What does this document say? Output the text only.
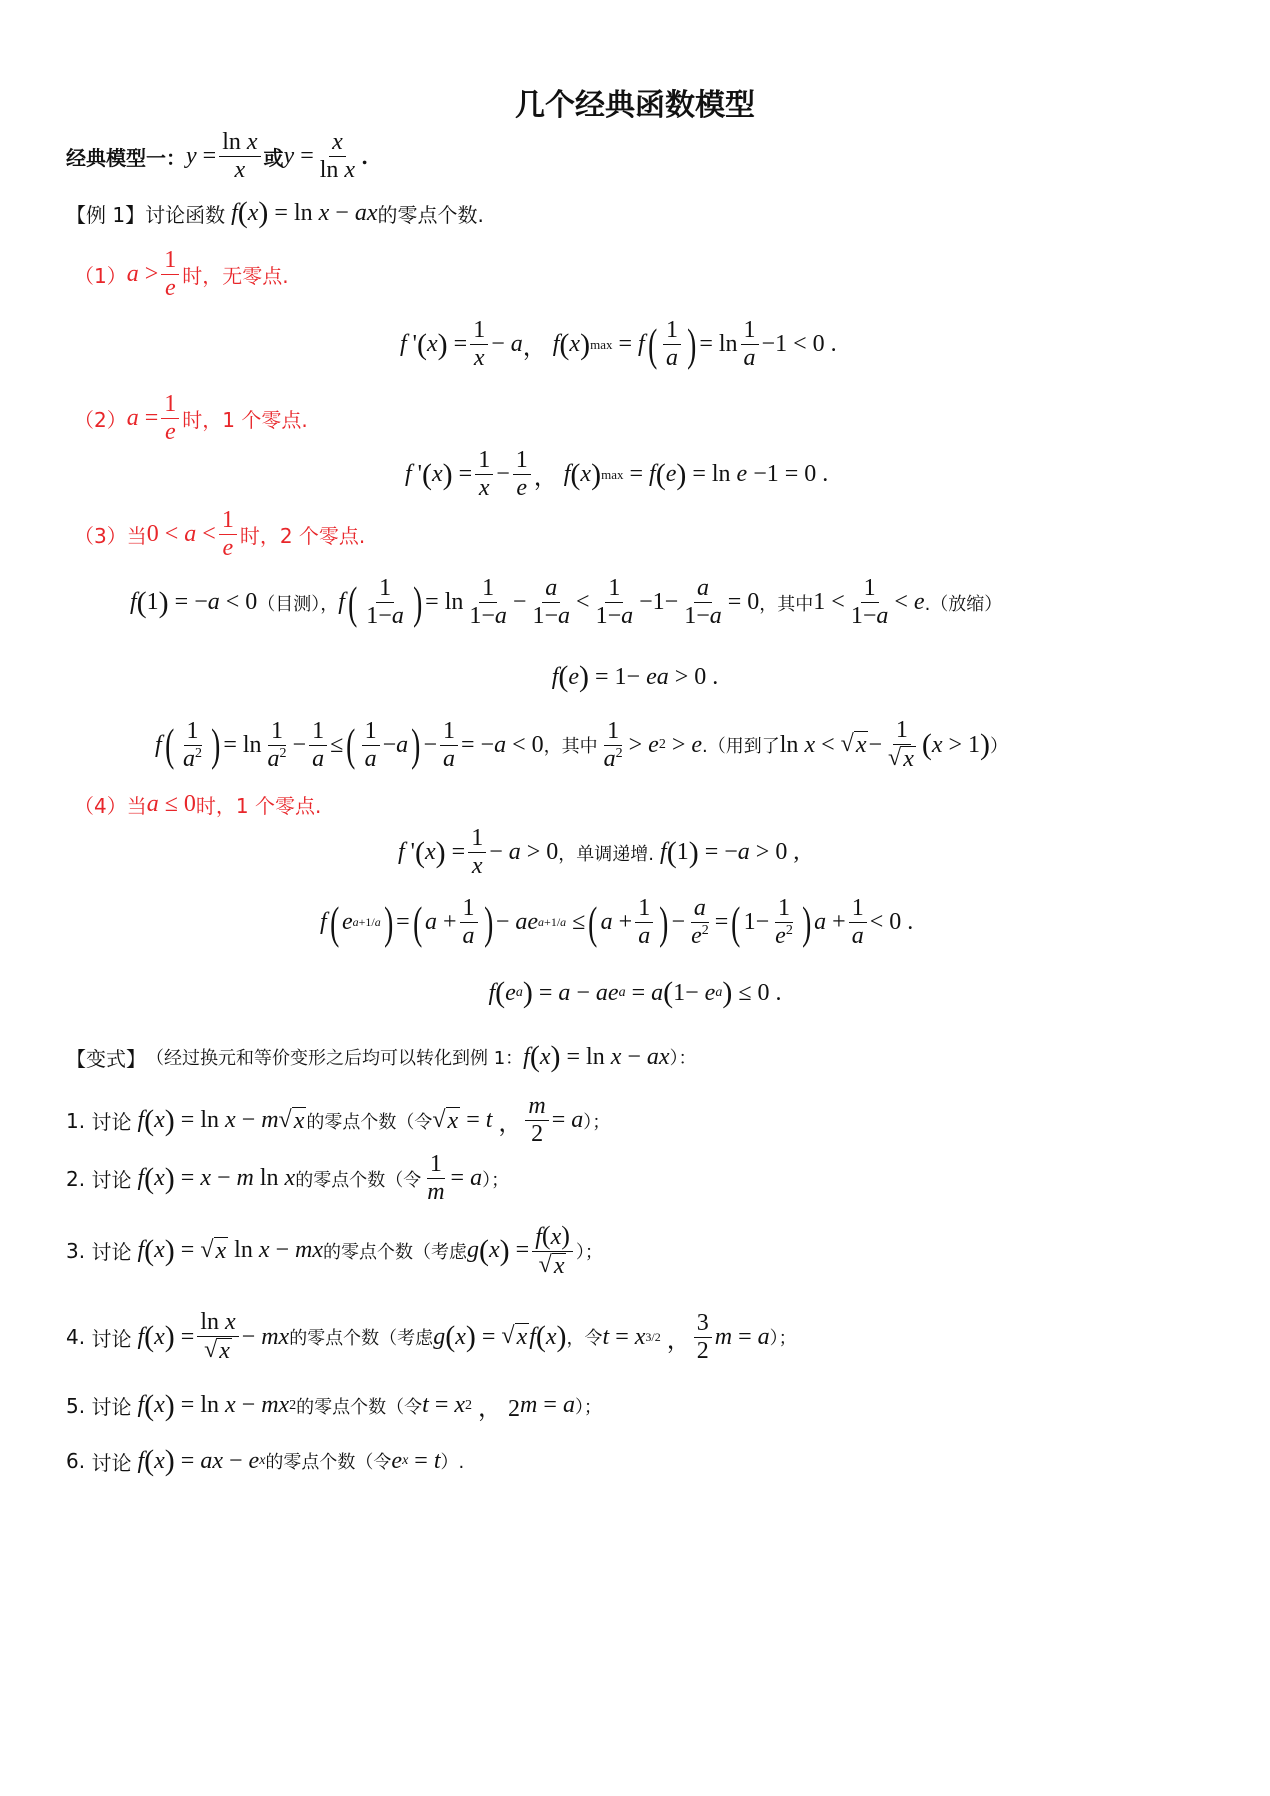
几个经典函数模型
经典模型一： $y = \frac{\text{ln x}}{x}$ 或 $y = \frac{x}{\text{ln x}}$ .
【例 1】 讨论函数
f ( x ) = ln x − ax 的零点个数.
（1） $a > \frac{1}{e}$ 时，无零点.
f ' ( x ) = $\frac{1}{x} - a$ ， f ( x ) max = f ( $\frac{1}{a}$ ) = $\ln \frac{1}{a} -1 < 0$ .
（2） $a = \frac{1}{e}$ 时，1 个零点.
f ' ( x ) = $\frac{1}{x} - \frac{1}{e}$ ， f ( x ) max = f ( e ) = ln e −1 = 0 .
（3）当 $0 < a < \frac{1}{e}$ 时，2 个零点.
f ( 1 ) = − a < 0 （目测）， f ( $\frac{1}{1-a}$ ) = $\ln \frac{1}{1-a} - \frac{a}{1-a} < \frac{1}{1-a} -1- \frac{a}{1-a} = 0$ ，其中 $1 < \frac{1}{1-a} < e$ .（放缩）
f ( e ) = 1− ea > 0 .
f ( $\frac{1}{a^2}$ ) = $\ln \frac{1}{a^2} - \frac{1}{a}$ ≤ ( $\frac{1}{a} - a$ ) − $\frac{1}{a}$ = − a < 0 ，其中 $\frac{1}{a^2} > e$ 2 > e .（用到了 ln x < √ $x - \frac{1}{√ x}$ ( x > 1 ) ）
（4）当 a ≤ 0 时，1 个零点.
f ' ( x ) = $\frac{1}{x} - a > 0$ ，单调递增.
f ( 1 ) = − a > 0 ,
f ( e a+1/a ) = ( $a + \frac{1}{a}$ ) − ae a+1/a ≤ ( $a + \frac{1}{a}$ ) − $\frac{a}{e^2}$ = ( $1- \frac{1}{e^2}$ ) $a + \frac{1}{a} < 0$ .
f ( e a ) = a − ae a = a ( 1− e a ) ≤ 0 .
【变式】 （经过换元和等价变形之后均可以转化到例 1： f ( x ) = ln x − ax ）：
1.
讨论
f ( x ) = ln x − m √ x 的零点个数（令 √ x = t ， $\frac{m}{2} = a$ ）；
2.
讨论
f ( x ) = x − m ln x 的零点个数（令 $\frac{1}{m} = a$ ）；
3.
讨论
f ( x ) = √ x ln x − mx 的零点个数（考虑 g ( x ) = $\frac{f(x)}{√ x}$ ）；
4.
讨论
f ( x ) = $\frac{\text{ln x}}{√ x}$ − mx 的零点个数（考虑 g ( x ) = √ x f ( x ) ，令 t = x 3/2 ， $\frac{3}{2}$ m = a ）；
5.
讨论
f ( x ) = ln x − mx 2 的零点个数（令 t = x 2 ， 2 m = a ）；
6.
讨论
f ( x ) = ax − e x 的零点个数（令 e x = t ）.
